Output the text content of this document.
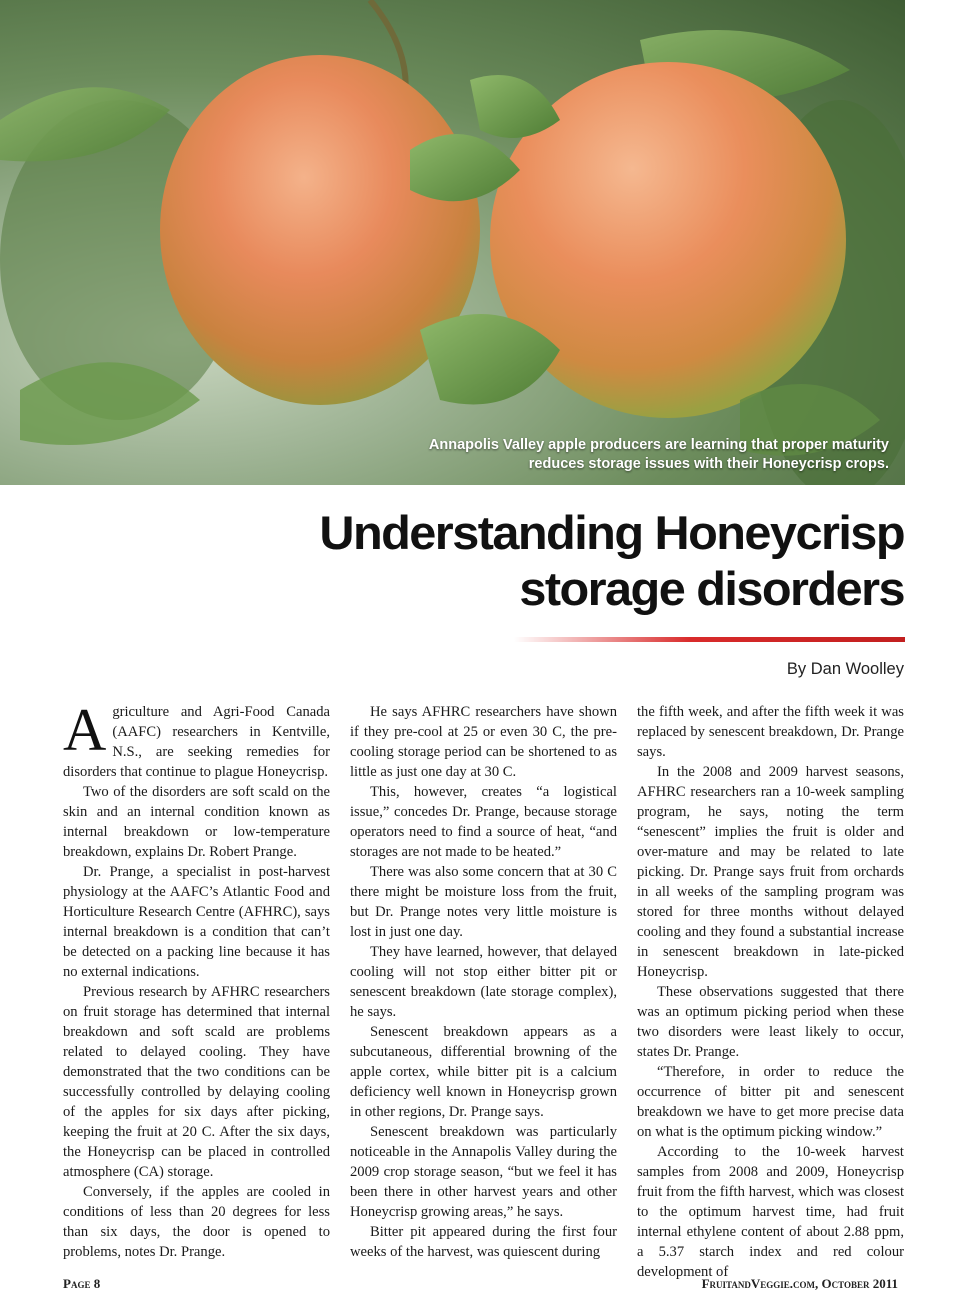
Annapolis Valley apple producers are learning that proper maturity
reduces storage issues with their Honeycrisp crops.
Understanding Honeycrisp
storage disorders
By Dan Woolley

Agriculture and Agri-Food Canada (AAFC) researchers in Kentville, N.S., are seeking remedies for disorders that continue to plague Honeycrisp.

Two of the disorders are soft scald on the skin and an internal condition known as internal breakdown or low-temperature breakdown, explains Dr. Robert Prange.

Dr. Prange, a specialist in post-harvest physiology at the AAFC’s Atlantic Food and Horticulture Research Centre (AFHRC), says internal breakdown is a condition that can’t be detected on a packing line because it has no external indications.

Previous research by AFHRC researchers on fruit storage has determined that internal breakdown and soft scald are problems related to delayed cooling. They have demonstrated that the two conditions can be successfully controlled by delaying cooling of the apples for six days after picking, keeping the fruit at 20 C. After the six days, the Honeycrisp can be placed in controlled atmosphere (CA) storage.

Conversely, if the apples are cooled in conditions of less than 20 degrees for less than six days, the door is opened to problems, notes Dr. Prange.

He says AFHRC researchers have shown if they pre-cool at 25 or even 30 C, the pre-cooling storage period can be shortened to as little as just one day at 30 C.

This, however, creates “a logistical issue,” concedes Dr. Prange, because storage operators need to find a source of heat, “and storages are not made to be heated.”

There was also some concern that at 30 C there might be moisture loss from the fruit, but Dr. Prange notes very little moisture is lost in just one day.

They have learned, however, that delayed cooling will not stop either bitter pit or senescent breakdown (late storage complex), he says.

Senescent breakdown appears as a subcutaneous, differential browning of the apple cortex, while bitter pit is a calcium deficiency well known in Honeycrisp grown in other regions, Dr. Prange says.

Senescent breakdown was particularly noticeable in the Annapolis Valley during the 2009 crop storage season, “but we feel it has been there in other harvest years and other Honeycrisp growing areas,” he says.

Bitter pit appeared during the first four weeks of the harvest, was quiescent during

the fifth week, and after the fifth week it was replaced by senescent breakdown, Dr. Prange says.

In the 2008 and 2009 harvest seasons, AFHRC researchers ran a 10-week sampling program, he says, noting the term “senescent” implies the fruit is older and over-mature and may be related to late picking. Dr. Prange says fruit from orchards in all weeks of the sampling program was stored for three months without delayed cooling and they found a substantial increase in senescent breakdown in late-picked Honeycrisp.

These observations suggested that there was an optimum picking period when these two disorders were least likely to occur, states Dr. Prange.

“Therefore, in order to reduce the occurrence of bitter pit and senescent breakdown we have to get more precise data on what is the optimum picking window.”

According to the 10-week harvest samples from 2008 and 2009, Honeycrisp fruit from the fifth harvest, which was closest to the optimum harvest time, had fruit internal ethylene content of about 2.88 ppm, a 5.37 starch index and red colour development of

Page 8	FruitandVeggie.com, October 2011
